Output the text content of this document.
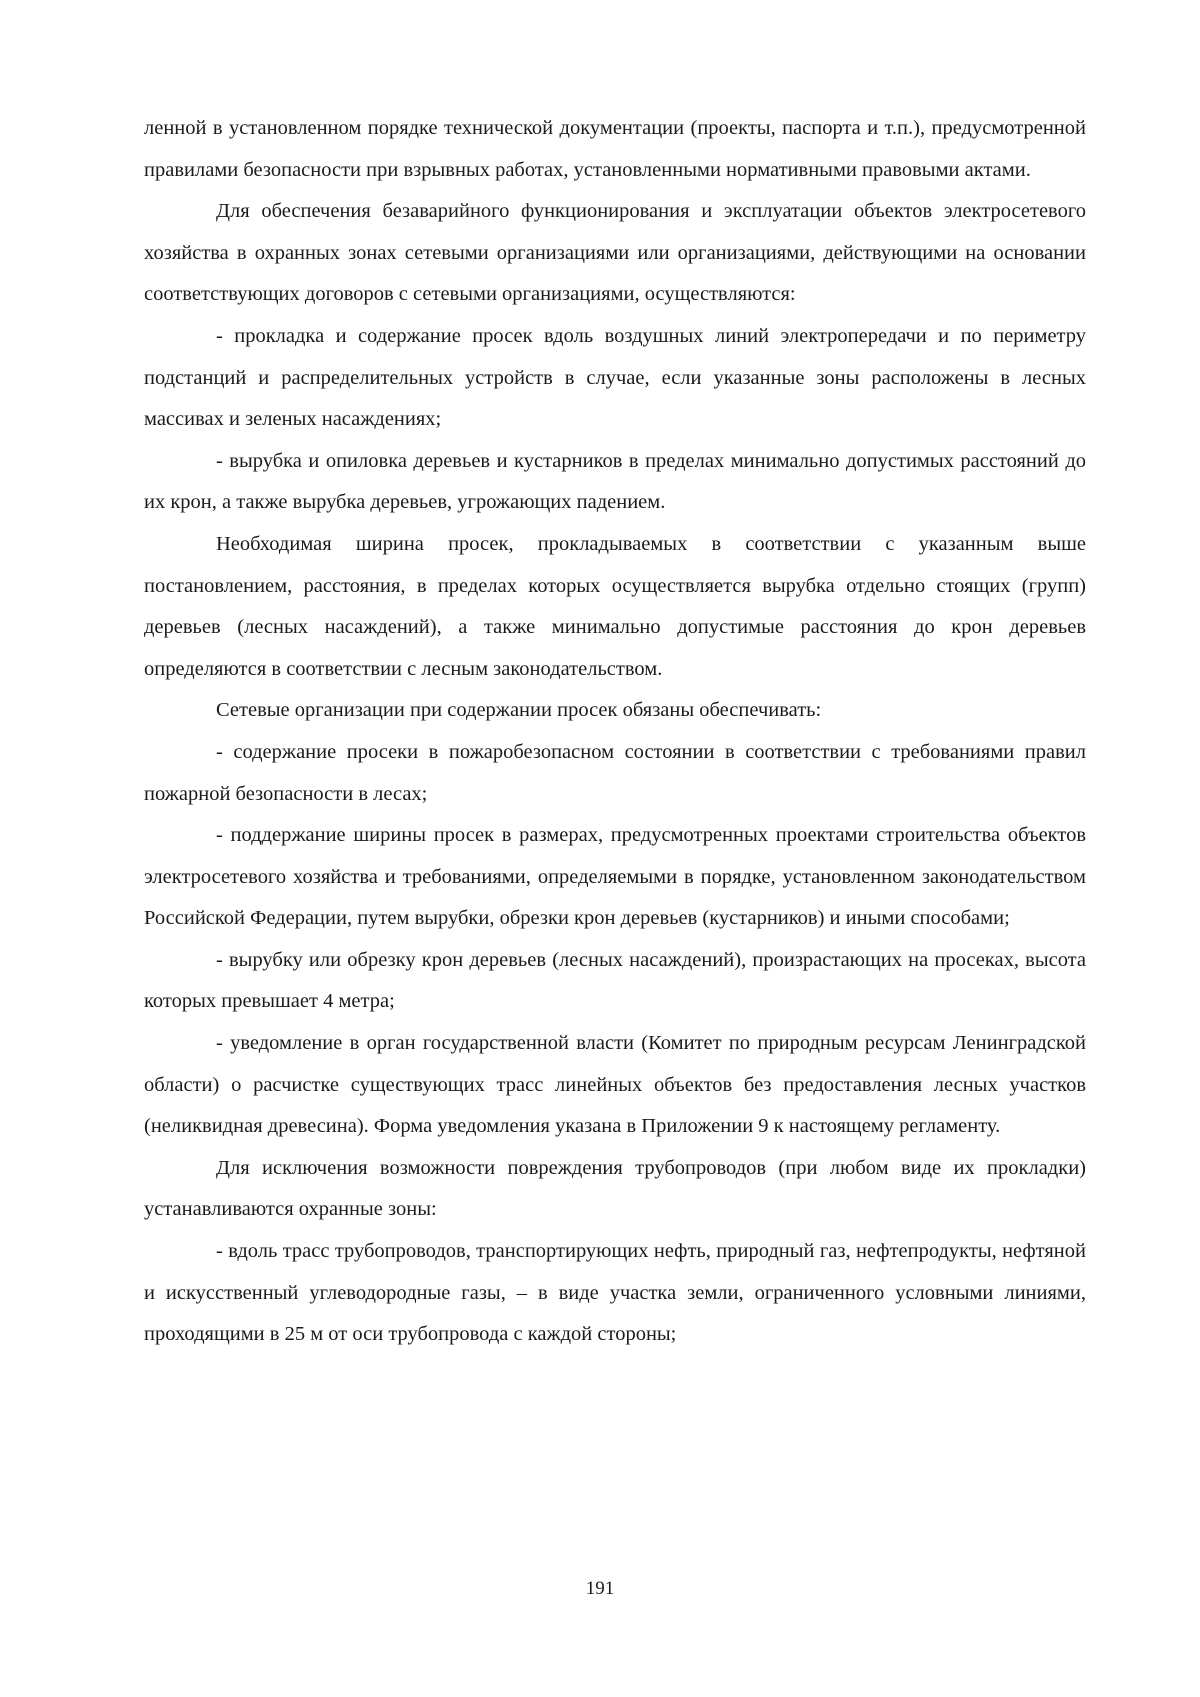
ленной в установленном порядке технической документации (проекты, паспорта и т.п.), предусмотренной правилами безопасности при взрывных работах, установленными нормативными правовыми актами.

Для обеспечения безаварийного функционирования и эксплуатации объектов электросетевого хозяйства в охранных зонах сетевыми организациями или организациями, действующими на основании соответствующих договоров с сетевыми организациями, осуществляются:

- прокладка и содержание просек вдоль воздушных линий электропередачи и по периметру подстанций и распределительных устройств в случае, если указанные зоны расположены в лесных массивах и зеленых насаждениях;

- вырубка и опиловка деревьев и кустарников в пределах минимально допустимых расстояний до их крон, а также вырубка деревьев, угрожающих падением.

Необходимая ширина просек, прокладываемых в соответствии с указанным выше постановлением, расстояния, в пределах которых осуществляется вырубка отдельно стоящих (групп) деревьев (лесных насаждений), а также минимально допустимые расстояния до крон деревьев определяются в соответствии с лесным законодательством.

Сетевые организации при содержании просек обязаны обеспечивать:

- содержание просеки в пожаробезопасном состоянии в соответствии с требованиями правил пожарной безопасности в лесах;

- поддержание ширины просек в размерах, предусмотренных проектами строительства объектов электросетевого хозяйства и требованиями, определяемыми в порядке, установленном законодательством Российской Федерации, путем вырубки, обрезки крон деревьев (кустарников) и иными способами;

- вырубку или обрезку крон деревьев (лесных насаждений), произрастающих на просеках, высота которых превышает 4 метра;

- уведомление в орган государственной власти (Комитет по природным ресурсам Ленинградской области) о расчистке существующих трасс линейных объектов без предоставления лесных участков (неликвидная древесина). Форма уведомления указана в Приложении 9 к настоящему регламенту.

Для исключения возможности повреждения трубопроводов (при любом виде их прокладки) устанавливаются охранные зоны:

- вдоль трасс трубопроводов, транспортирующих нефть, природный газ, нефтепродукты, нефтяной и искусственный углеводородные газы, – в виде участка земли, ограниченного условными линиями, проходящими в 25 м от оси трубопровода с каждой стороны;

191
